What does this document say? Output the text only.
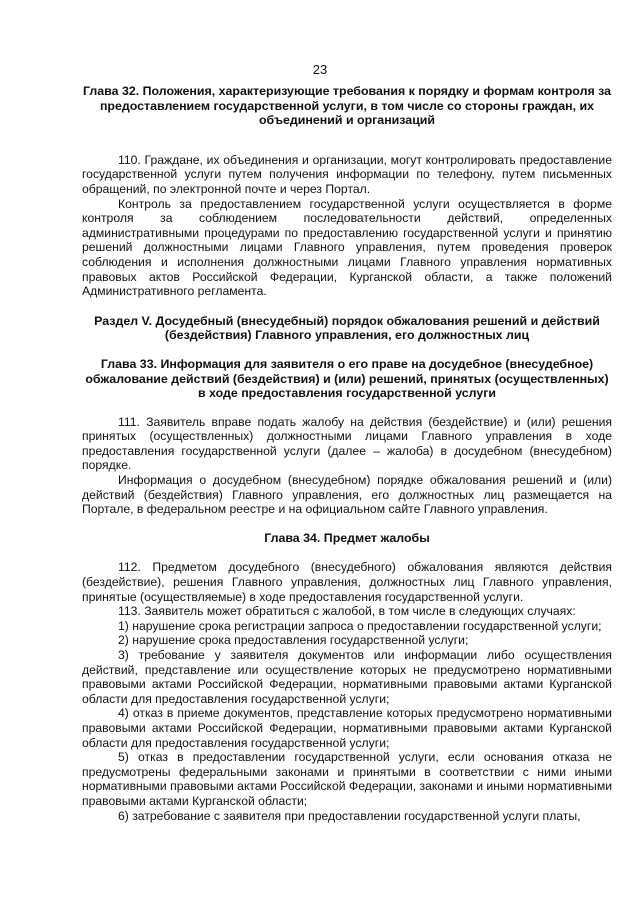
23
Глава 32. Положения, характеризующие требования к порядку и формам контроля за предоставлением государственной услуги, в том числе со стороны граждан, их объединений и организаций

110. Граждане, их объединения и организации, могут контролировать предоставление государственной услуги путем получения информации по телефону, путем письменных обращений, по электронной почте и через Портал.

Контроль за предоставлением государственной услуги осуществляется в форме контроля за соблюдением последовательности действий, определенных административными процедурами по предоставлению государственной услуги и принятию решений должностными лицами Главного управления, путем проведения проверок соблюдения и исполнения должностными лицами Главного управления нормативных правовых актов Российской Федерации, Курганской области, а также положений Административного регламента.

Раздел V. Досудебный (внесудебный) порядок обжалования решений и действий (бездействия) Главного управления, его должностных лиц
Глава 33. Информация для заявителя о его праве на досудебное (внесудебное) обжалование действий (бездействия) и (или) решений, принятых (осуществленных) в ходе предоставления государственной услуги

111. Заявитель вправе подать жалобу на действия (бездействие) и (или) решения принятых (осуществленных) должностными лицами Главного управления в ходе предоставления государственной услуги (далее – жалоба) в досудебном (внесудебном) порядке.

Информация о досудебном (внесудебном) порядке обжалования решений и (или) действий (бездействия) Главного управления, его должностных лиц размещается на Портале, в федеральном реестре и на официальном сайте Главного управления.

Глава 34. Предмет жалобы

112. Предметом досудебного (внесудебного) обжалования являются действия (бездействие), решения Главного управления, должностных лиц Главного управления, принятые (осуществляемые) в ходе предоставления государственной услуги.

113. Заявитель может обратиться с жалобой, в том числе в следующих случаях:

1) нарушение срока регистрации запроса о предоставлении государственной услуги;

2) нарушение срока предоставления государственной услуги;

3) требование у заявителя документов или информации либо осуществления действий, представление или осуществление которых не предусмотрено нормативными правовыми актами Российской Федерации, нормативными правовыми актами Курганской области для предоставления государственной услуги;

4) отказ в приеме документов, представление которых предусмотрено нормативными правовыми актами Российской Федерации, нормативными правовыми актами Курганской области для предоставления государственной услуги;

5) отказ в предоставлении государственной услуги, если основания отказа не предусмотрены федеральными законами и принятыми в соответствии с ними иными нормативными правовыми актами Российской Федерации, законами и иными нормативными правовыми актами Курганской области;

6) затребование с заявителя при предоставлении государственной услуги платы,
